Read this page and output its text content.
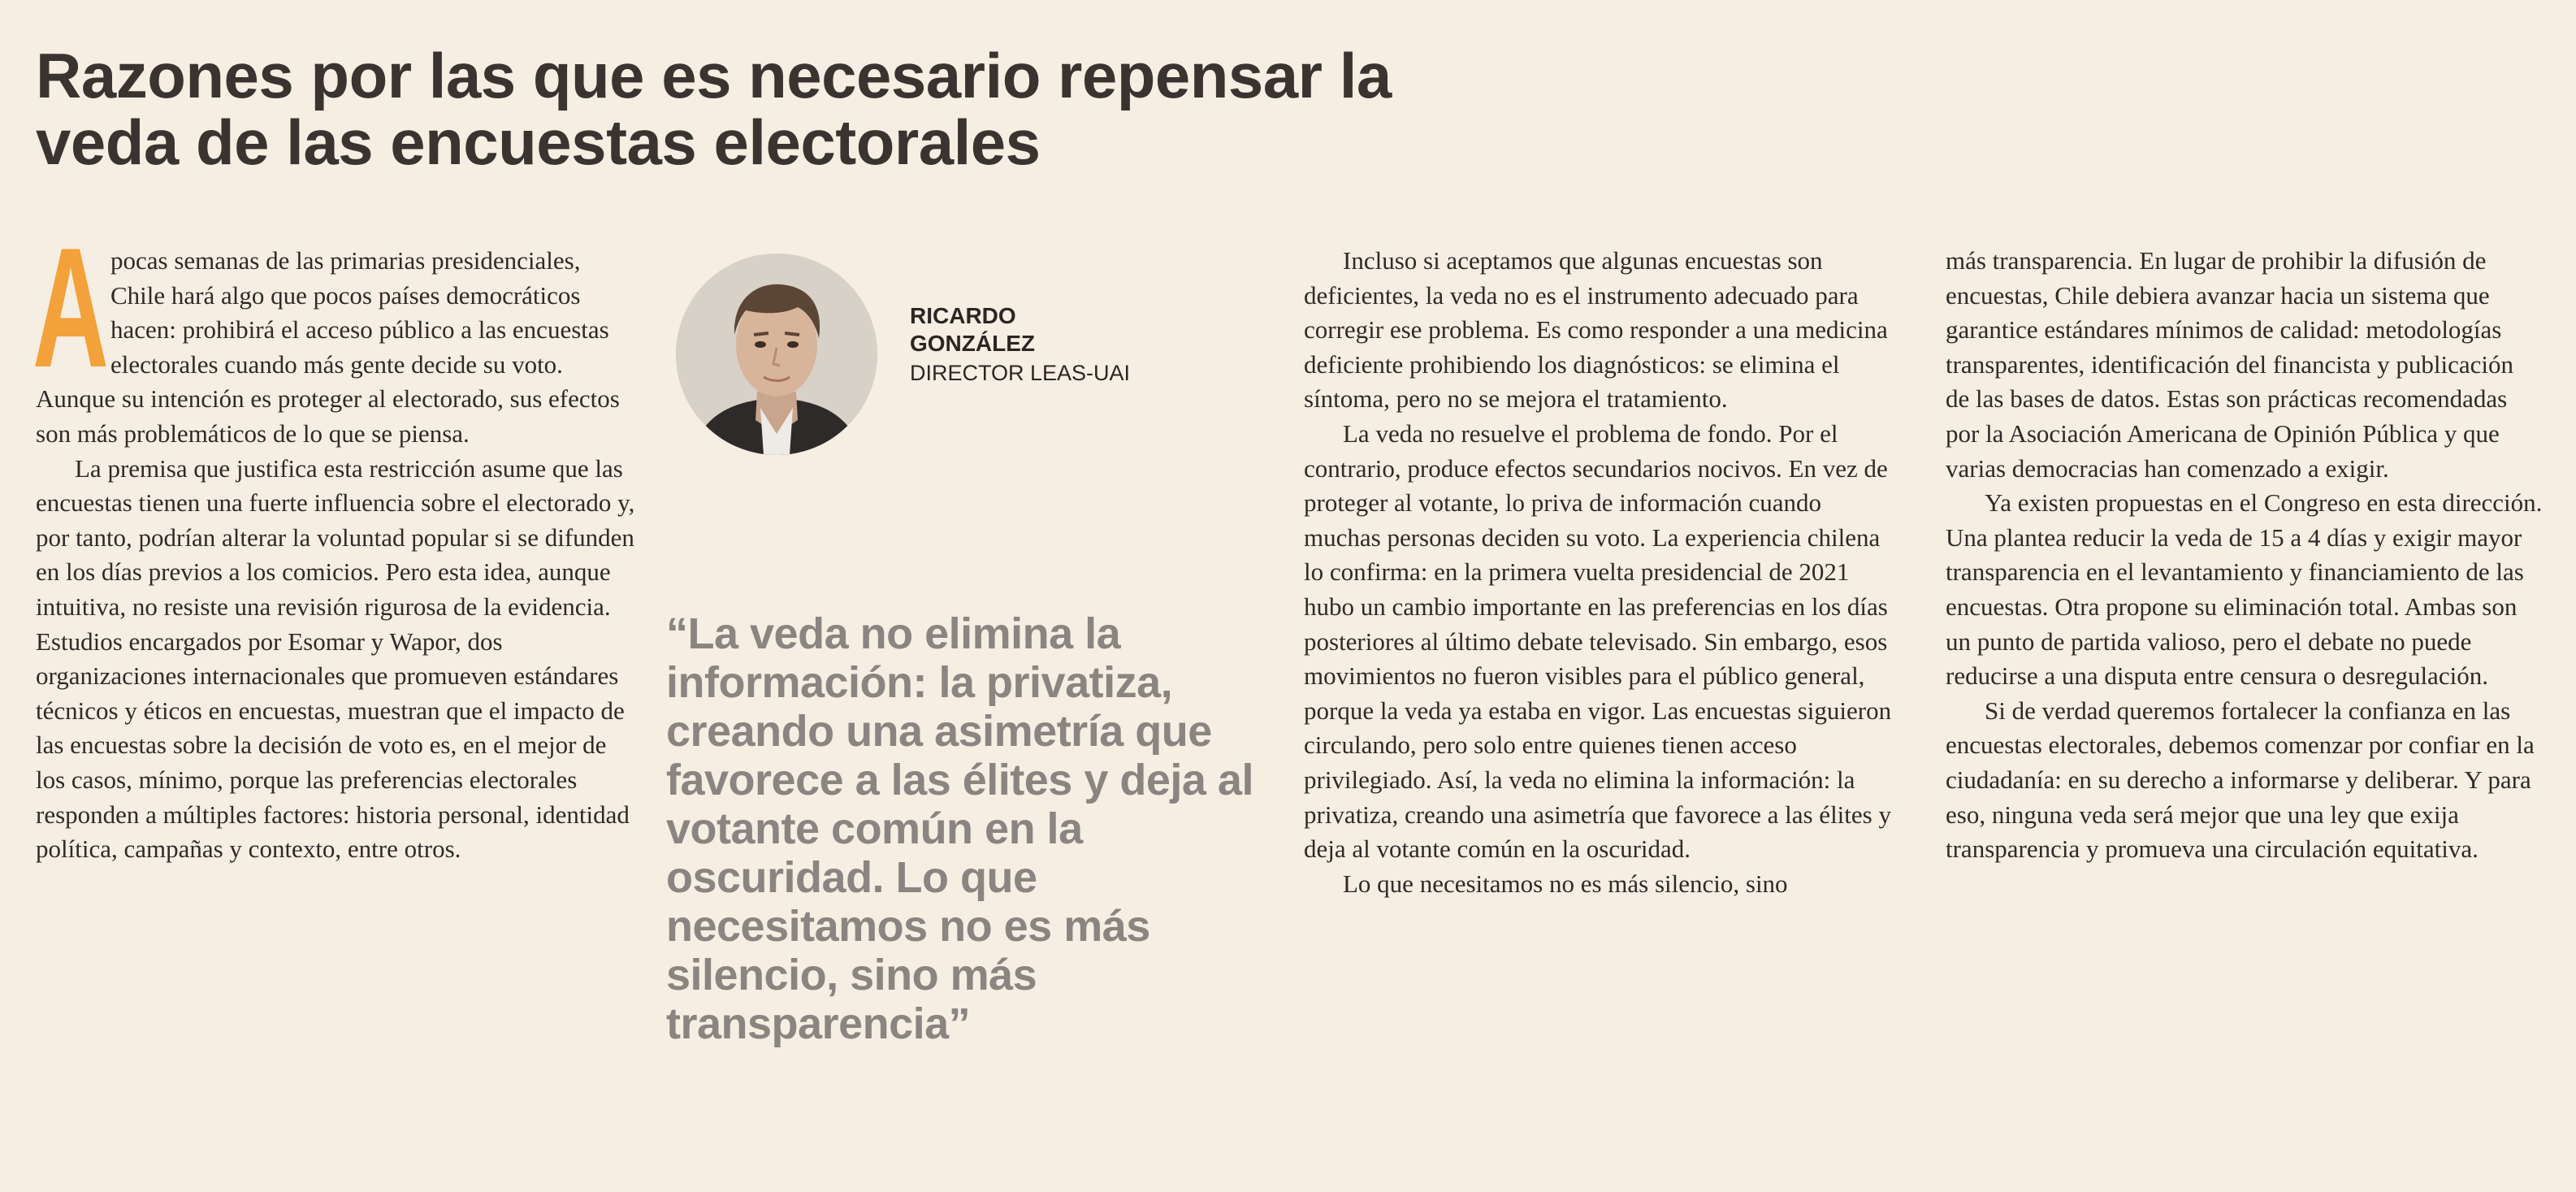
Razones por las que es necesario repensar la veda de las encuestas electorales

A pocas semanas de las primarias presidenciales, Chile hará algo que pocos países democráticos hacen: prohibirá el acceso público a las encuestas electorales cuando más gente decide su voto. Aunque su intención es proteger al electorado, sus efectos son más problemáticos de lo que se piensa.

La premisa que justifica esta restricción asume que las encuestas tienen una fuerte influencia sobre el electorado y, por tanto, podrían alterar la voluntad popular si se difunden en los días previos a los comicios. Pero esta idea, aunque intuitiva, no resiste una revisión rigurosa de la evidencia. Estudios encargados por Esomar y Wapor, dos organizaciones internacionales que promueven estándares técnicos y éticos en encuestas, muestran que el impacto de las encuestas sobre la decisión de voto es, en el mejor de los casos, mínimo, porque las preferencias electorales responden a múltiples factores: historia personal, identidad política, campañas y contexto, entre otros.

RICARDO GONZÁLEZ
DIRECTOR LEAS-UAI
“La veda no elimina la información: la privatiza, creando una asimetría que favorece a las élites y deja al votante común en la oscuridad. Lo que necesitamos no es más silencio, sino más transparencia”

Incluso si aceptamos que algunas encuestas son deficientes, la veda no es el instrumento adecuado para corregir ese problema. Es como responder a una medicina deficiente prohibiendo los diagnósticos: se elimina el síntoma, pero no se mejora el tratamiento.

La veda no resuelve el problema de fondo. Por el contrario, produce efectos secundarios nocivos. En vez de proteger al votante, lo priva de información cuando muchas personas deciden su voto. La experiencia chilena lo confirma: en la primera vuelta presidencial de 2021 hubo un cambio importante en las preferencias en los días posteriores al último debate televisado. Sin embargo, esos movimientos no fueron visibles para el público general, porque la veda ya estaba en vigor. Las encuestas siguieron circulando, pero solo entre quienes tienen acceso privilegiado. Así, la veda no elimina la información: la privatiza, creando una asimetría que favorece a las élites y deja al votante común en la oscuridad.

Lo que necesitamos no es más silencio, sino

más transparencia. En lugar de prohibir la difusión de encuestas, Chile debiera avanzar hacia un sistema que garantice estándares mínimos de calidad: metodologías transparentes, identificación del financista y publicación de las bases de datos. Estas son prácticas recomendadas por la Asociación Americana de Opinión Pública y que varias democracias han comenzado a exigir.

Ya existen propuestas en el Congreso en esta dirección. Una plantea reducir la veda de 15 a 4 días y exigir mayor transparencia en el levantamiento y financiamiento de las encuestas. Otra propone su eliminación total. Ambas son un punto de partida valioso, pero el debate no puede reducirse a una disputa entre censura o desregulación.

Si de verdad queremos fortalecer la confianza en las encuestas electorales, debemos comenzar por confiar en la ciudadanía: en su derecho a informarse y deliberar. Y para eso, ninguna veda será mejor que una ley que exija transparencia y promueva una circulación equitativa.
